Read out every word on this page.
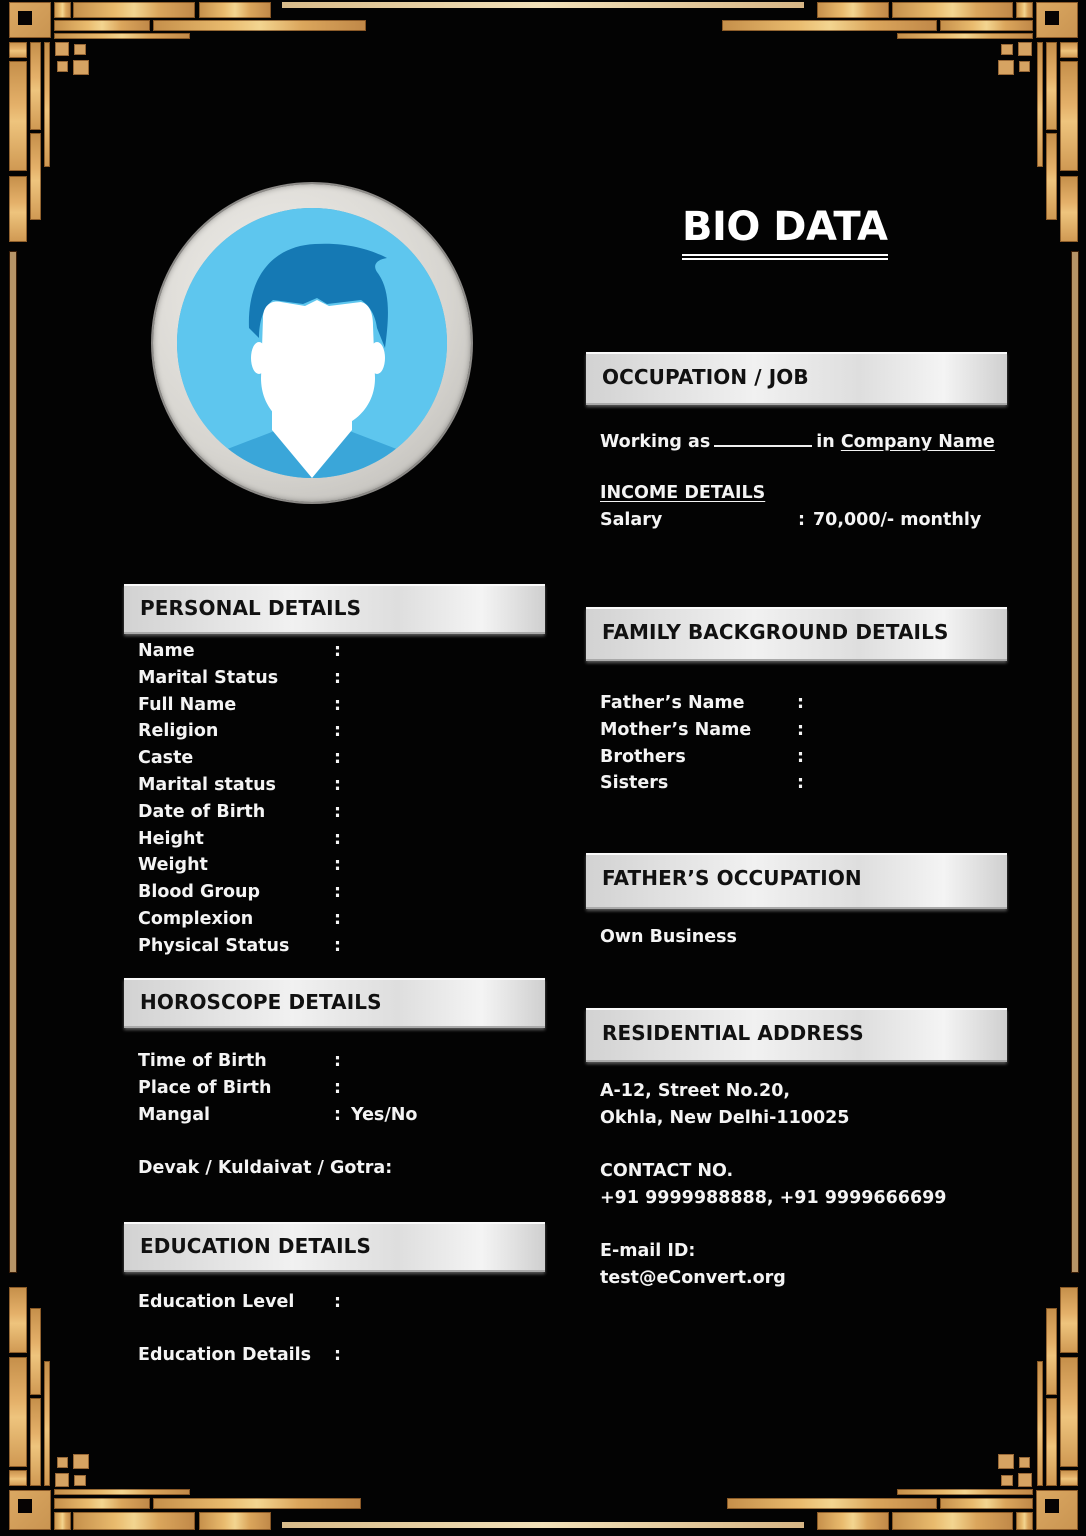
BIO DATA
PERSONAL DETAILS
Name	:
Marital Status	:
Full Name	:
Religion	:
Caste	:
Marital status	:
Date of Birth	:
Height	:
Weight	:
Blood Group	:
Complexion	:
Physical Status	:
HOROSCOPE DETAILS
Time of Birth	:
Place of Birth	:
Mangal	: Yes/No
Devak / Kuldaivat / Gotra:
EDUCATION DETAILS
Education Level :
Education Details :
OCCUPATION / JOB
Working as	in Company Name
INCOME DETAILS
Salary	: 70,000/- monthly
FAMILY BACKGROUND DETAILS
Father’s Name	:
Mother’s Name	:
Brothers	:
Sisters	:
FATHER’S OCCUPATION
Own Business
RESIDENTIAL ADDRESS
A-12, Street No.20,
Okhla, New Delhi-110025
CONTACT NO.
+91 9999988888, +91 9999666699
E-mail ID:
test@eConvert.org
